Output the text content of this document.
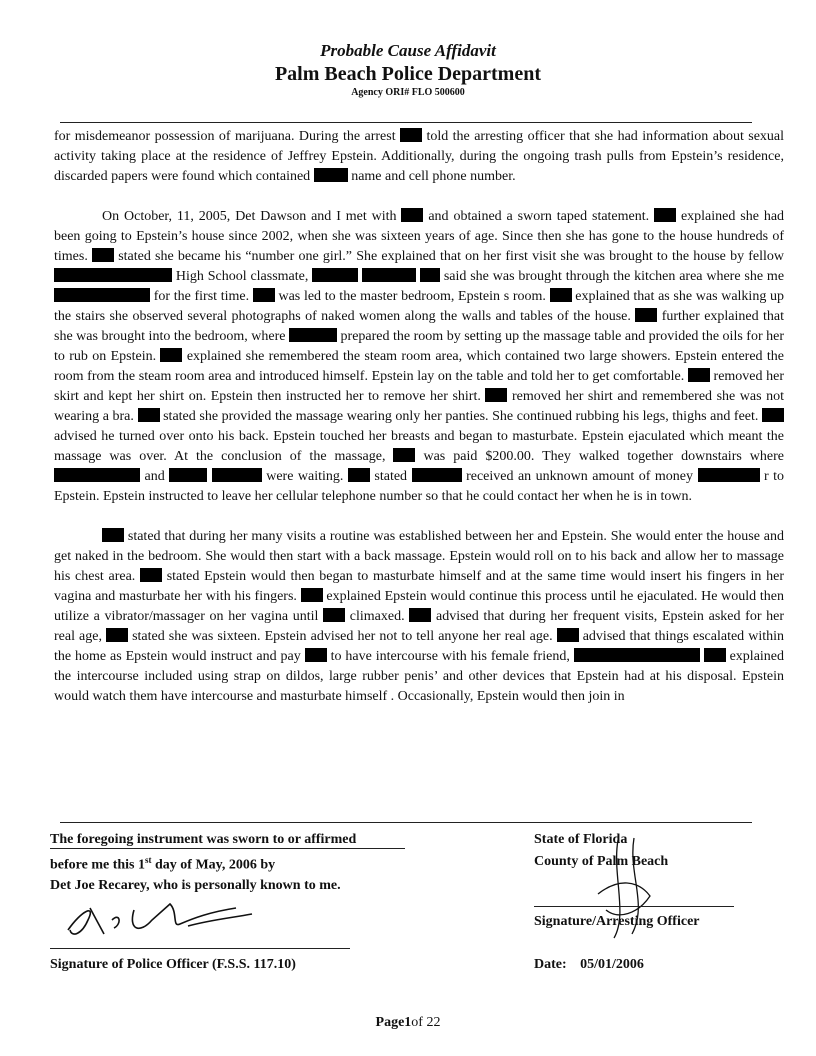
Probable Cause Affidavit
Palm Beach Police Department
Agency ORI# FLO 500600

for misdemeanor possession of marijuana. During the arrest told the arresting officer that she had information about sexual activity taking place at the residence of Jeffrey Epstein. Additionally, during the ongoing trash pulls from Epstein’s residence, discarded papers were found which contained	name and cell phone number.

On October, 11, 2005, Det Dawson and I met with and obtained a sworn taped statement. explained she had been going to Epstein’s house since 2002, when she was sixteen years of age. Since then she has gone to the house hundreds of times. stated she became his “number one girl.” She explained that on her first visit she was brought to the house by fellow  High School classmate,	said she was brought through the kitchen area where she me  for the first time. was led to the master bedroom, Epstein s room. explained that as she was walking up the stairs she observed several photographs of naked women along the walls and tables of the house. further explained that she was brought into the bedroom, where	prepared the room by setting up the massage table and provided the oils for her to rub on Epstein. explained she remembered the steam room area, which contained two large showers. Epstein entered the room from the steam room area and introduced himself. Epstein lay on the table and told her to get comfortable. removed her skirt and kept her shirt on. Epstein then instructed her to remove her shirt. removed her shirt and remembered she was not wearing a bra. stated she provided the massage wearing only her panties. She continued rubbing his legs, thighs and feet.  advised he turned over onto his back. Epstein touched her breasts and began to masturbate. Epstein ejaculated which meant the massage was over. At the conclusion of the massage,	was paid $200.00. They walked together downstairs where  and	were waiting. stated	received an unknown amount of money	r to Epstein. Epstein instructed to leave her cellular telephone number so that he could contact her when he is in town.

stated that during her many visits a routine was established between her and Epstein. She would enter the house and get naked in the bedroom. She would then start with a back massage. Epstein would roll on to his back and allow her to massage his chest area. stated Epstein would then began to masturbate himself and at the same time would insert his fingers in her vagina and masturbate her with his fingers. explained Epstein would continue this process until he ejaculated. He would then utilize a vibrator/massager on her vagina until climaxed. advised that during her frequent visits, Epstein asked for her real age, stated she was sixteen. Epstein advised her not to tell anyone her real age. advised that things escalated within the home as Epstein would instruct and pay to have intercourse with his female friend,	explained the intercourse included using strap on dildos, large rubber penis’ and other devices that Epstein had at his disposal. Epstein would watch them have intercourse and masturbate himself . Occasionally, Epstein would then join in

The foregoing instrument was sworn to or affirmed
before me this 1st day of May, 2006 by
Det Joe Recarey, who is personally known to me.
Signature of Police Officer (F.S.S. 117.10)
State of Florida
County of Palm Beach
Signature/Arresting Officer
Date: 05/01/2006
Page1of 22
